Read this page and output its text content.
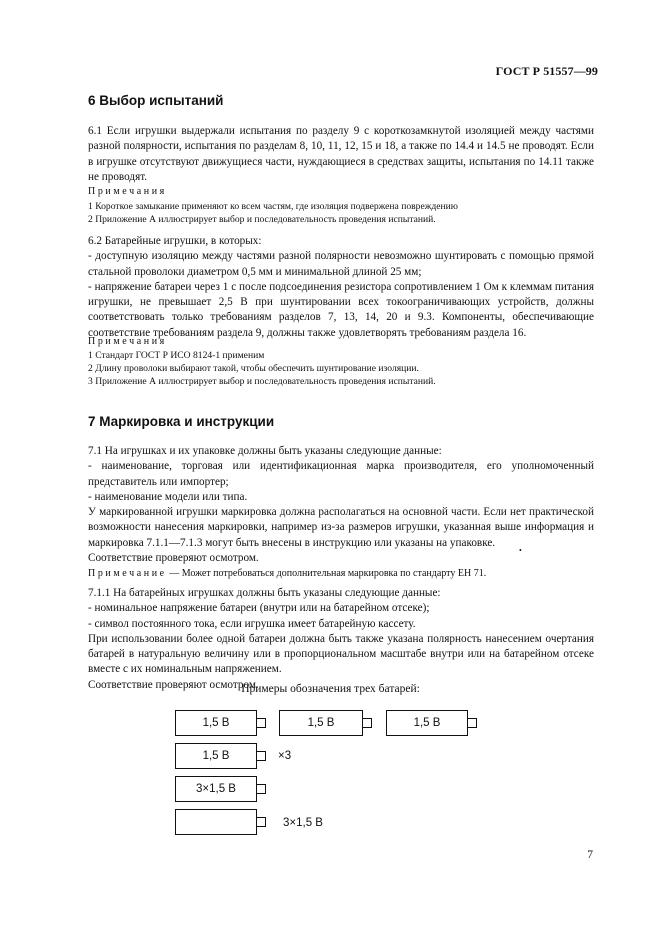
ГОСТ Р 51557—99
6 Выбор испытаний

6.1 Если игрушки выдержали испытания по разделу 9 с короткозамкнутой изоляцией между частями разной полярности, испытания по разделам 8, 10, 11, 12, 15 и 18, а также по 14.4 и 14.5 не проводят. Если в игрушке отсутствуют движущиеся части, нуждающиеся в средствах защиты, испытания по 14.11 также не проводят.

Примечания

1 Короткое замыкание применяют ко всем частям, где изоляция подвержена повреждению

2 Приложение А иллюстрирует выбор и последовательность проведения испытаний.

6.2 Батарейные игрушки, в которых:

- доступную изоляцию между частями разной полярности невозможно шунтировать с помощью прямой стальной проволоки диаметром 0,5 мм и минимальной длиной 25 мм;

- напряжение батареи через 1 с после подсоединения резистора сопротивлением 1 Ом к клеммам питания игрушки, не превышает 2,5 В при шунтировании всех токоограничивающих устройств, должны соответствовать только требованиям разделов 7, 13, 14, 20 и 9.3. Компоненты, обеспечивающие соответствие требованиям раздела 9, должны также удовлетворять требованиям раздела 16.

Примечания

1 Стандарт ГОСТ Р ИСО 8124-1 применим

2 Длину проволоки выбирают такой, чтобы обеспечить шунтирование изоляции.

3 Приложение А иллюстрирует выбор и последовательность проведения испытаний.

7 Маркировка и инструкции

7.1 На игрушках и их упаковке должны быть указаны следующие данные:

- наименование, торговая или идентификационная марка производителя, его уполномоченный представитель или импортер;

- наименование модели или типа.

У маркированной игрушки маркировка должна располагаться на основной части. Если нет практической возможности нанесения маркировки, например из-за размеров игрушки, указанная выше информация и маркировка 7.1.1—7.1.3 могут быть внесены в инструкцию или указаны на упаковке.

Соответствие проверяют осмотром.

•
Примечание — Может потребоваться дополнительная маркировка по стандарту ЕН 71.

7.1.1 На батарейных игрушках должны быть указаны следующие данные:

- номинальное напряжение батареи (внутри или на батарейном отсеке);

- символ постоянного тока, если игрушка имеет батарейную кассету.

При использовании более одной батареи должна быть также указана полярность нанесением очертания батарей в натуральную величину или в пропорциональном масштабе внутри или на батарейном отсеке вместе с их номинальным напряжением.

Соответствие проверяют осмотром.

Примеры обозначения трех батарей:
1,5 В	1,5 В	1,5 В
1,5 В	×3
3×1,5 В
3×1,5 В
7
